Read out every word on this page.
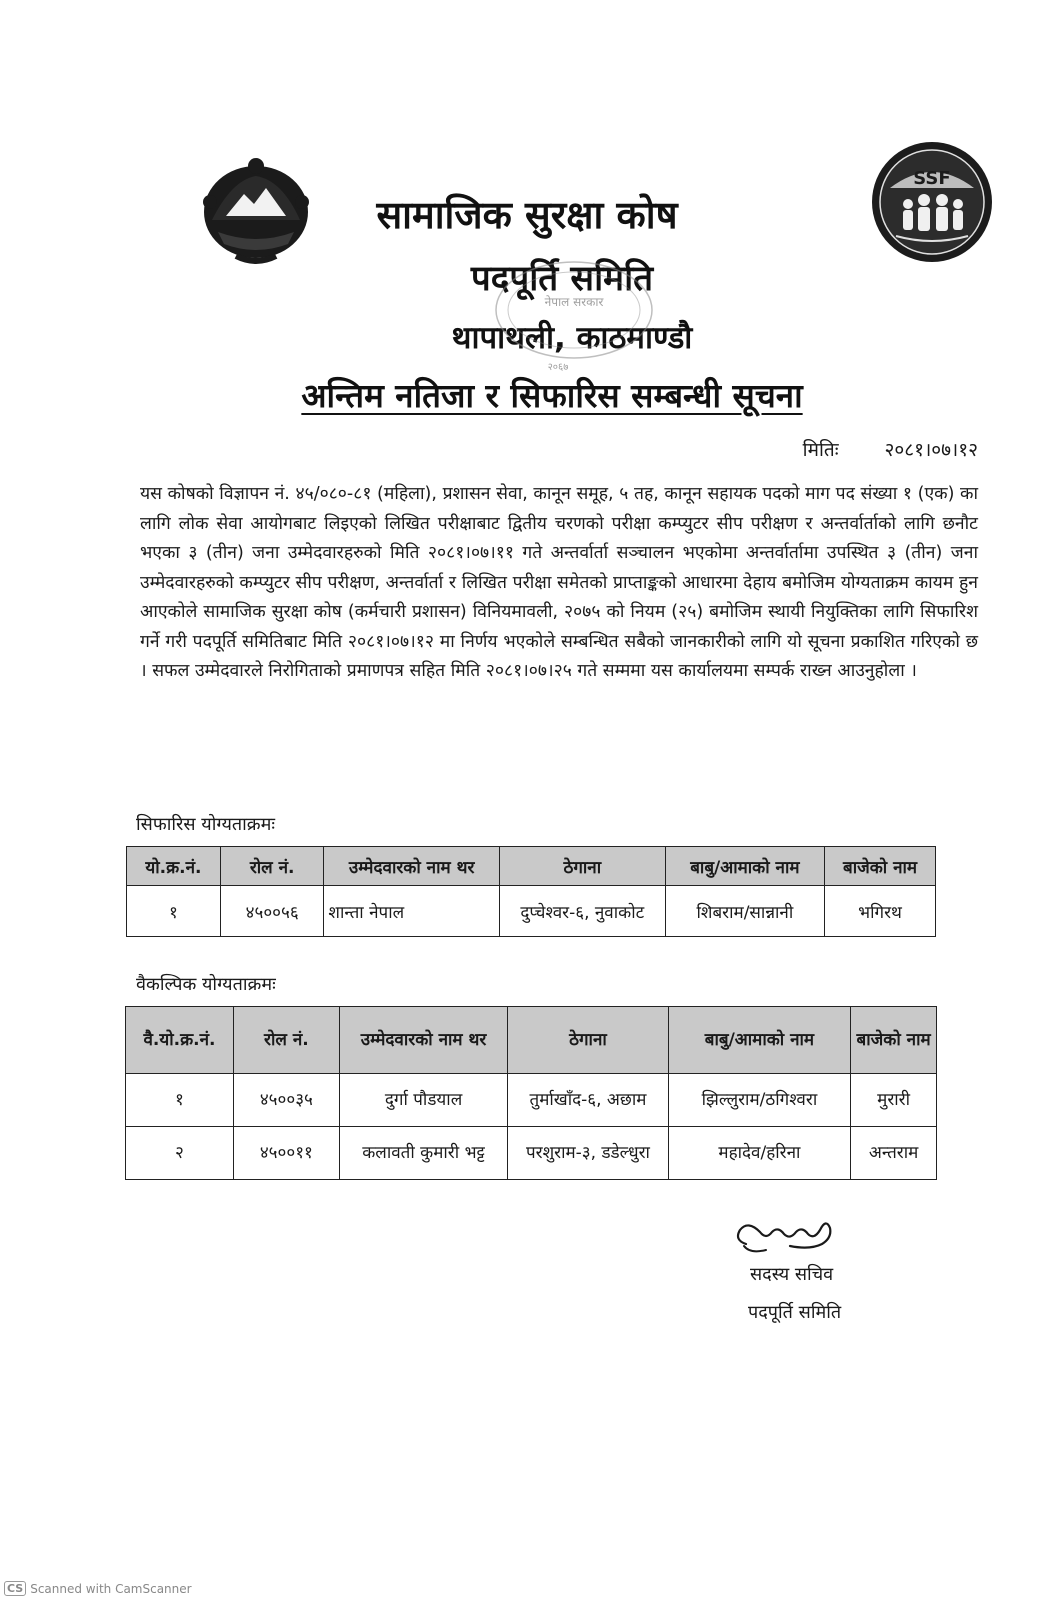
SSF
सामाजिक सुरक्षा कोष
पदपूर्ति समिति
थापाथली, काठमाण्डौ
अन्तिम नतिजा र सिफारिस सम्बन्धी सूचना
नेपाल सरकार
२०६७
मितिः २०८१।०७।१२
यस कोषको विज्ञापन नं. ४५/०८०-८१ (महिला), प्रशासन सेवा, कानून समूह, ५ तह, कानून सहायक पदको माग पद संख्या १ (एक) का लागि लोक सेवा आयोगबाट लिइएको लिखित परीक्षाबाट द्वितीय चरणको परीक्षा कम्प्युटर सीप परीक्षण र अन्तर्वार्ताको लागि छनौट भएका ३ (तीन) जना उम्मेदवारहरुको मिति २०८१।०७।११ गते अन्तर्वार्ता सञ्चालन भएकोमा अन्तर्वार्तामा उपस्थित ३ (तीन) जना उम्मेदवारहरुको कम्प्युटर सीप परीक्षण, अन्तर्वार्ता र लिखित परीक्षा समेतको प्राप्ताङ्कको आधारमा देहाय बमोजिम योग्यताक्रम कायम हुन आएकोले सामाजिक सुरक्षा कोष (कर्मचारी प्रशासन) विनियमावली, २०७५ को नियम (२५) बमोजिम स्थायी नियुक्तिका लागि सिफारिश गर्ने गरी पदपूर्ति समितिबाट मिति २०८१।०७।१२ मा निर्णय भएकोले सम्बन्धित सबैको जानकारीको लागि यो सूचना प्रकाशित गरिएको छ । सफल उम्मेदवारले निरोगिताको प्रमाणपत्र सहित मिति २०८१।०७।२५ गते सम्ममा यस कार्यालयमा सम्पर्क राख्न आउनुहोला ।
सिफारिस योग्यताक्रमः
यो.क्र.नं.	रोल नं.	उम्मेदवारको नाम थर	ठेगाना	बाबु/आमाको नाम	बाजेको नाम
१	४५००५६	शान्ता नेपाल	दुप्चेश्वर-६, नुवाकोट	शिबराम/सान्नानी	भगिरथ
वैकल्पिक योग्यताक्रमः
वै.यो.क्र.नं.	रोल नं.	उम्मेदवारको नाम थर	ठेगाना	बाबु/आमाको नाम	बाजेको नाम
१	४५००३५	दुर्गा पौडयाल	तुर्माखाँद-६, अछाम	झिल्लुराम/ठगिश्वरा	मुरारी
२	४५००११	कलावती कुमारी भट्ट	परशुराम-३, डडेल्धुरा	महादेव/हरिना	अन्तराम
सदस्य सचिव
पदपूर्ति समिति
CS Scanned with CamScanner
